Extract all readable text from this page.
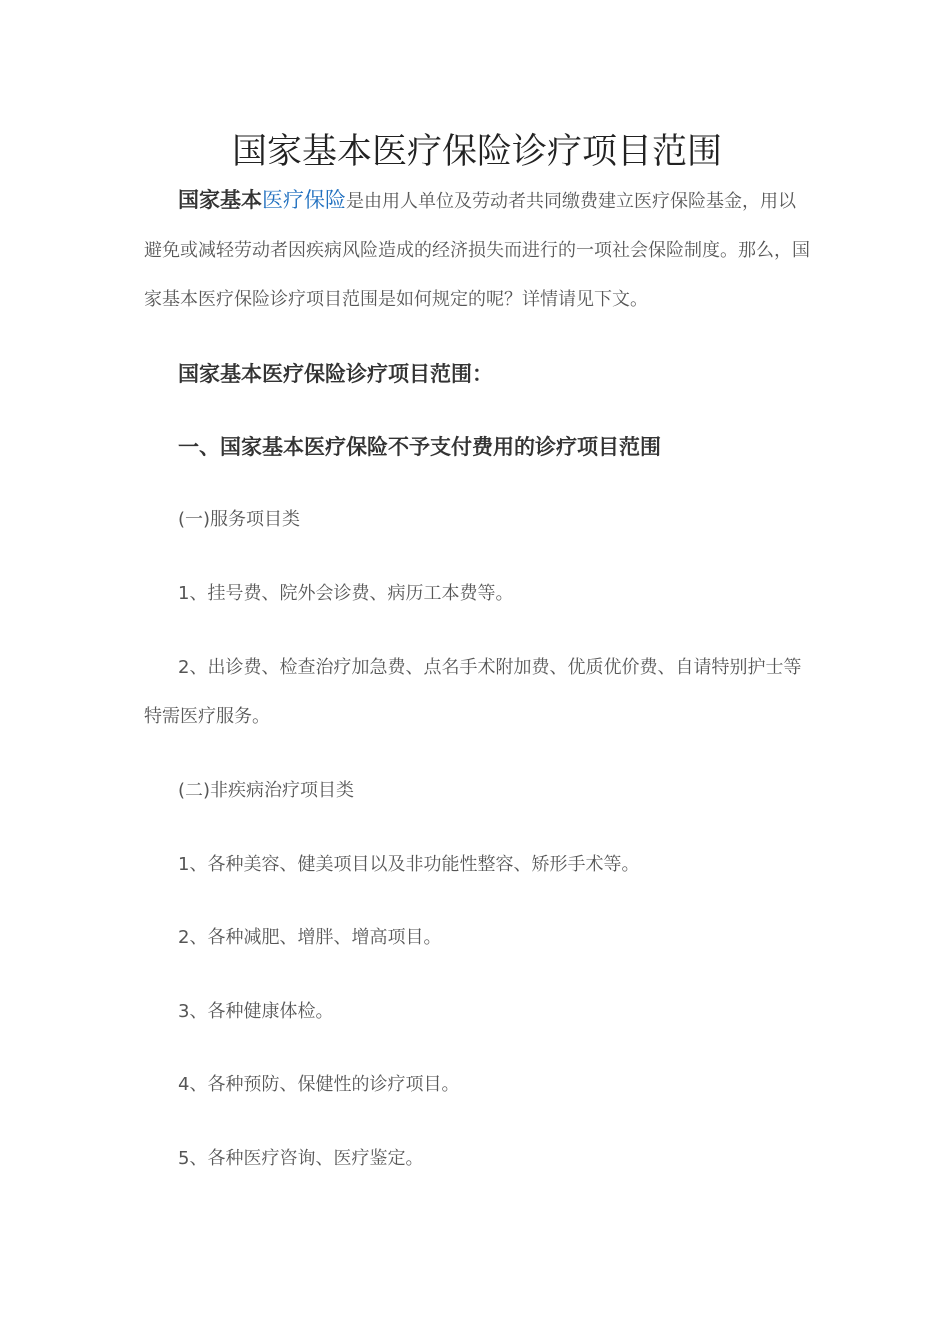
国家基本医疗保险诊疗项目范围
国家基本医疗保险是由用人单位及劳动者共同缴费建立医疗保险基金，用以避免或减轻劳动者因疾病风险造成的经济损失而进行的一项社会保险制度。那么，国家基本医疗保险诊疗项目范围是如何规定的呢？详情请见下文。
国家基本医疗保险诊疗项目范围：
一、国家基本医疗保险不予支付费用的诊疗项目范围
(一)服务项目类
1、挂号费、院外会诊费、病历工本费等。
2、出诊费、检查治疗加急费、点名手术附加费、优质优价费、自请特别护士等特需医疗服务。
(二)非疾病治疗项目类
1、各种美容、健美项目以及非功能性整容、矫形手术等。
2、各种减肥、增胖、增高项目。
3、各种健康体检。
4、各种预防、保健性的诊疗项目。
5、各种医疗咨询、医疗鉴定。
